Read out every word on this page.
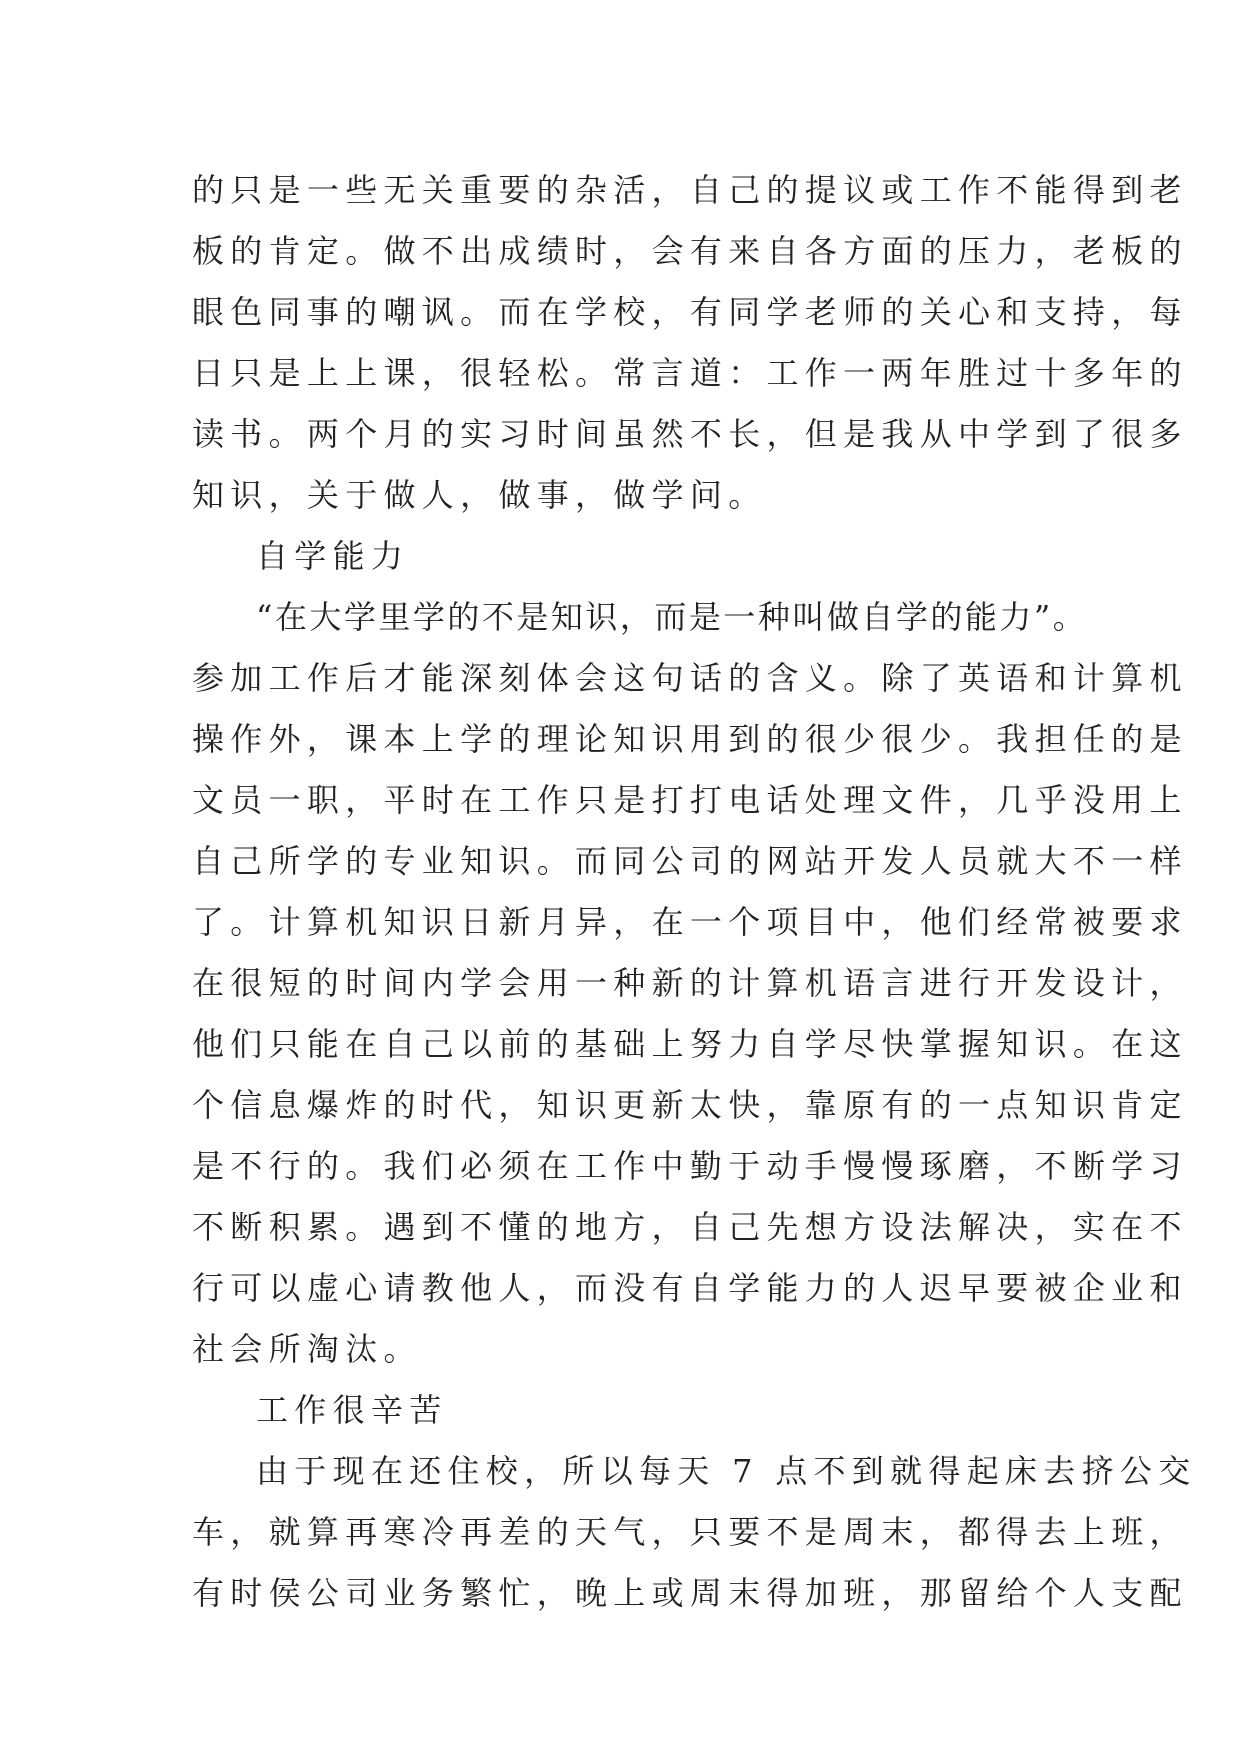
的只是一些无关重要的杂活，自己的提议或工作不能得到老
板的肯定。做不出成绩时，会有来自各方面的压力，老板的
眼色同事的嘲讽。而在学校，有同学老师的关心和支持，每
日只是上上课，很轻松。常言道：工作一两年胜过十多年的
读书。两个月的实习时间虽然不长，但是我从中学到了很多
知识，关于做人，做事，做学问。
自学能力
“在大学里学的不是知识，而是一种叫做自学的能力”。
参加工作后才能深刻体会这句话的含义。除了英语和计算机
操作外，课本上学的理论知识用到的很少很少。我担任的是
文员一职，平时在工作只是打打电话处理文件，几乎没用上
自己所学的专业知识。而同公司的网站开发人员就大不一样
了。计算机知识日新月异，在一个项目中，他们经常被要求
在很短的时间内学会用一种新的计算机语言进行开发设计，
他们只能在自己以前的基础上努力自学尽快掌握知识。在这
个信息爆炸的时代，知识更新太快，靠原有的一点知识肯定
是不行的。我们必须在工作中勤于动手慢慢琢磨，不断学习
不断积累。遇到不懂的地方，自己先想方设法解决，实在不
行可以虚心请教他人，而没有自学能力的人迟早要被企业和
社会所淘汰。
工作很辛苦
由于现在还住校，所以每天 7 点不到就得起床去挤公交
车，就算再寒冷再差的天气，只要不是周末，都得去上班，
有时侯公司业务繁忙，晚上或周末得加班，那留给个人支配
